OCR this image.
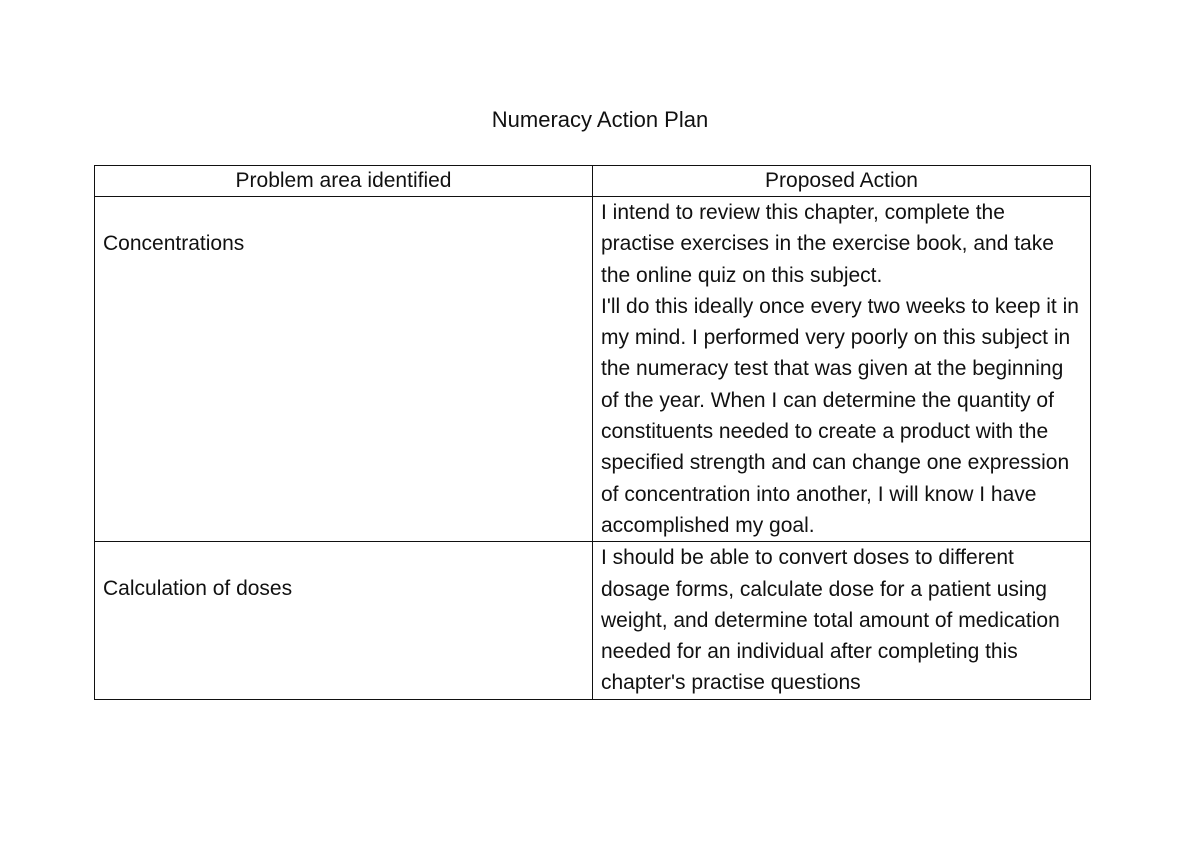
Numeracy Action Plan
Problem area identified	Proposed Action
Concentrations	I intend to review this chapter, complete the practise exercises in the exercise book, and take the online quiz on this subject.

I'll do this ideally once every two weeks to keep it in my mind. I performed very poorly on this subject in the numeracy test that was given at the beginning of the year. When I can determine the quantity of constituents needed to create a product with the specified strength and can change one expression of concentration into another, I will know I have accomplished my goal.

Calculation of doses	I should be able to convert doses to different dosage forms, calculate dose for a patient using weight, and determine total amount of medication needed for an individual after completing this chapter's practise questions
